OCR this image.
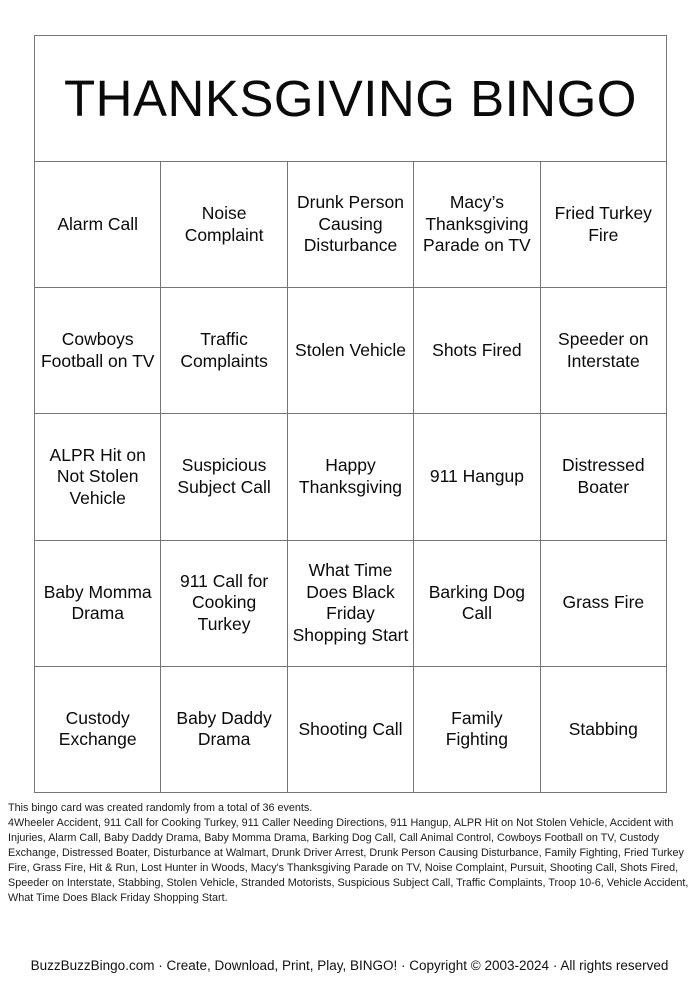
THANKSGIVING BINGO
Alarm Call
Noise Complaint
Drunk Person Causing Disturbance
Macy’s Thanksgiving Parade on TV
Fried Turkey Fire
Cowboys Football on TV
Traffic Complaints
Stolen Vehicle	Shots Fired
Speeder on Interstate
ALPR Hit on Not Stolen Vehicle
Suspicious Subject Call
Happy Thanksgiving
911 Hangup
Distressed Boater
Baby Momma Drama
911 Call for Cooking Turkey
What Time Does Black Friday Shopping Start
Barking Dog Call
Grass Fire
Custody Exchange
Baby Daddy Drama
Shooting Call
Family Fighting
Stabbing
This bingo card was created randomly from a total of 36 events.
4Wheeler Accident, 911 Call for Cooking Turkey, 911 Caller Needing Directions, 911 Hangup, ALPR Hit on Not Stolen Vehicle, Accident with Injuries, Alarm Call, Baby Daddy Drama, Baby Momma Drama, Barking Dog Call, Call Animal Control, Cowboys Football on TV, Custody Exchange, Distressed Boater, Disturbance at Walmart, Drunk Driver Arrest, Drunk Person Causing Disturbance, Family Fighting, Fried Turkey Fire, Grass Fire, Hit & Run, Lost Hunter in Woods, Macy's Thanksgiving Parade on TV, Noise Complaint, Pursuit, Shooting Call, Shots Fired, Speeder on Interstate, Stabbing, Stolen Vehicle, Stranded Motorists, Suspicious Subject Call, Traffic Complaints, Troop 10-6, Vehicle Accident, What Time Does Black Friday Shopping Start.
BuzzBuzzBingo.com · Create, Download, Print, Play, BINGO! · Copyright © 2003-2024 · All rights reserved
